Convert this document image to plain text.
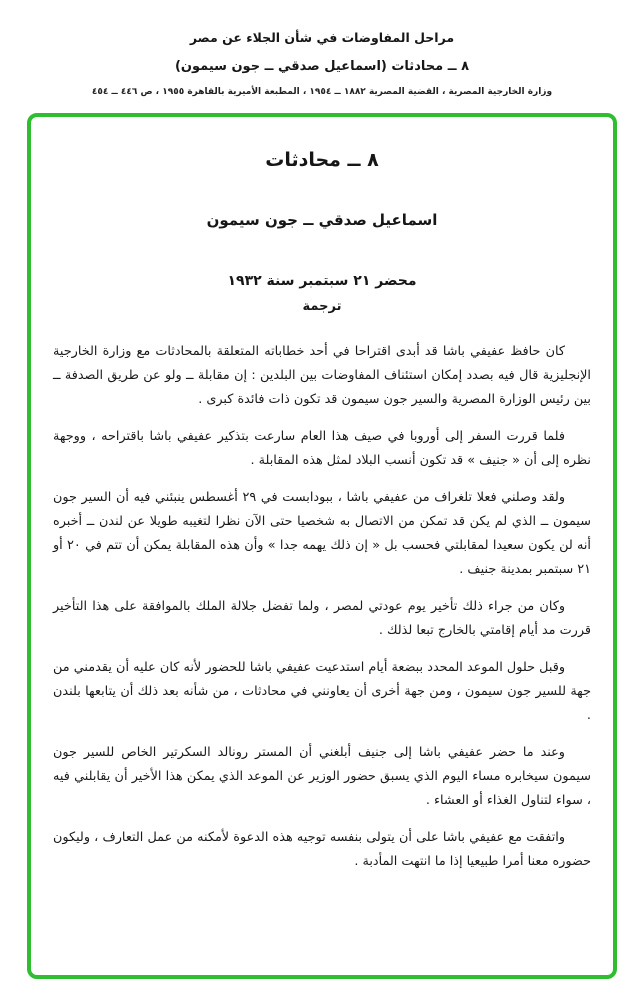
مراحل المفاوضات في شأن الجلاء عن مصر
٨ ــ محادثات (اسماعيل صدقي ــ جون سيمون)
وزارة الخارجية المصرية ، القضية المصرية ١٨٨٢ ــ ١٩٥٤ ، المطبعة الأميرية بالقاهرة ١٩٥٥ ، ص ٤٤٦ ــ ٤٥٤
٨ ــ محادثات
اسماعيل صدقي ــ جون سيمون
محضر ٢١ سبتمبر سنة ١٩٣٢
ترجمة

كان حافظ عفيفي باشا قد أبدى اقتراحا في أحد خطاباته المتعلقة بالمحادثات مع وزارة الخارجية الإنجليزية قال فيه بصدد إمكان استئناف المفاوضات بين البلدين : إن مقابلة ــ ولو عن طريق الصدفة ــ بين رئيس الوزارة المصرية والسير جون سيمون قد تكون ذات فائدة كبرى .

فلما قررت السفر إلى أوروبا في صيف هذا العام سارعت بتذكير عفيفي باشا باقتراحه ، ووجهة نظره إلى أن « جنيف » قد تكون أنسب البلاد لمثل هذه المقابلة .

ولقد وصلني فعلا تلغراف من عفيفي باشا ، ببودابست في ٢٩ أغسطس ينبئني فيه أن السير جون سيمون ــ الذي لم يكن قد تمكن من الاتصال به شخصيا حتى الآن نظرا لتغيبه طويلا عن لندن ــ أخبره أنه لن يكون سعيدا لمقابلتي فحسب بل « إن ذلك يهمه جدا » وأن هذه المقابلة يمكن أن تتم في ٢٠ أو ٢١ سبتمبر بمدينة جنيف .

وكان من جراء ذلك تأخير يوم عودتي لمصر ، ولما تفضل جلالة الملك بالموافقة على هذا التأخير قررت مد أيام إقامتي بالخارج تبعا لذلك .

وقبل حلول الموعد المحدد ببضعة أيام استدعيت عفيفي باشا للحضور لأنه كان عليه أن يقدمني من جهة للسير جون سيمون ، ومن جهة أخرى أن يعاونني في محادثات ، من شأنه بعد ذلك أن يتابعها بلندن .

وعند ما حضر عفيفي باشا إلى جنيف أبلغني أن المستر رونالد السكرتير الخاص للسير جون سيمون سيخابره مساء اليوم الذي يسبق حضور الوزير عن الموعد الذي يمكن هذا الأخير أن يقابلني فيه ، سواء لتناول الغذاء أو العشاء .

واتفقت مع عفيفي باشا على أن يتولى بنفسه توجيه هذه الدعوة لأمكنه من عمل التعارف ، وليكون حضوره معنا أمرا طبيعيا إذا ما انتهت المأدبة .
